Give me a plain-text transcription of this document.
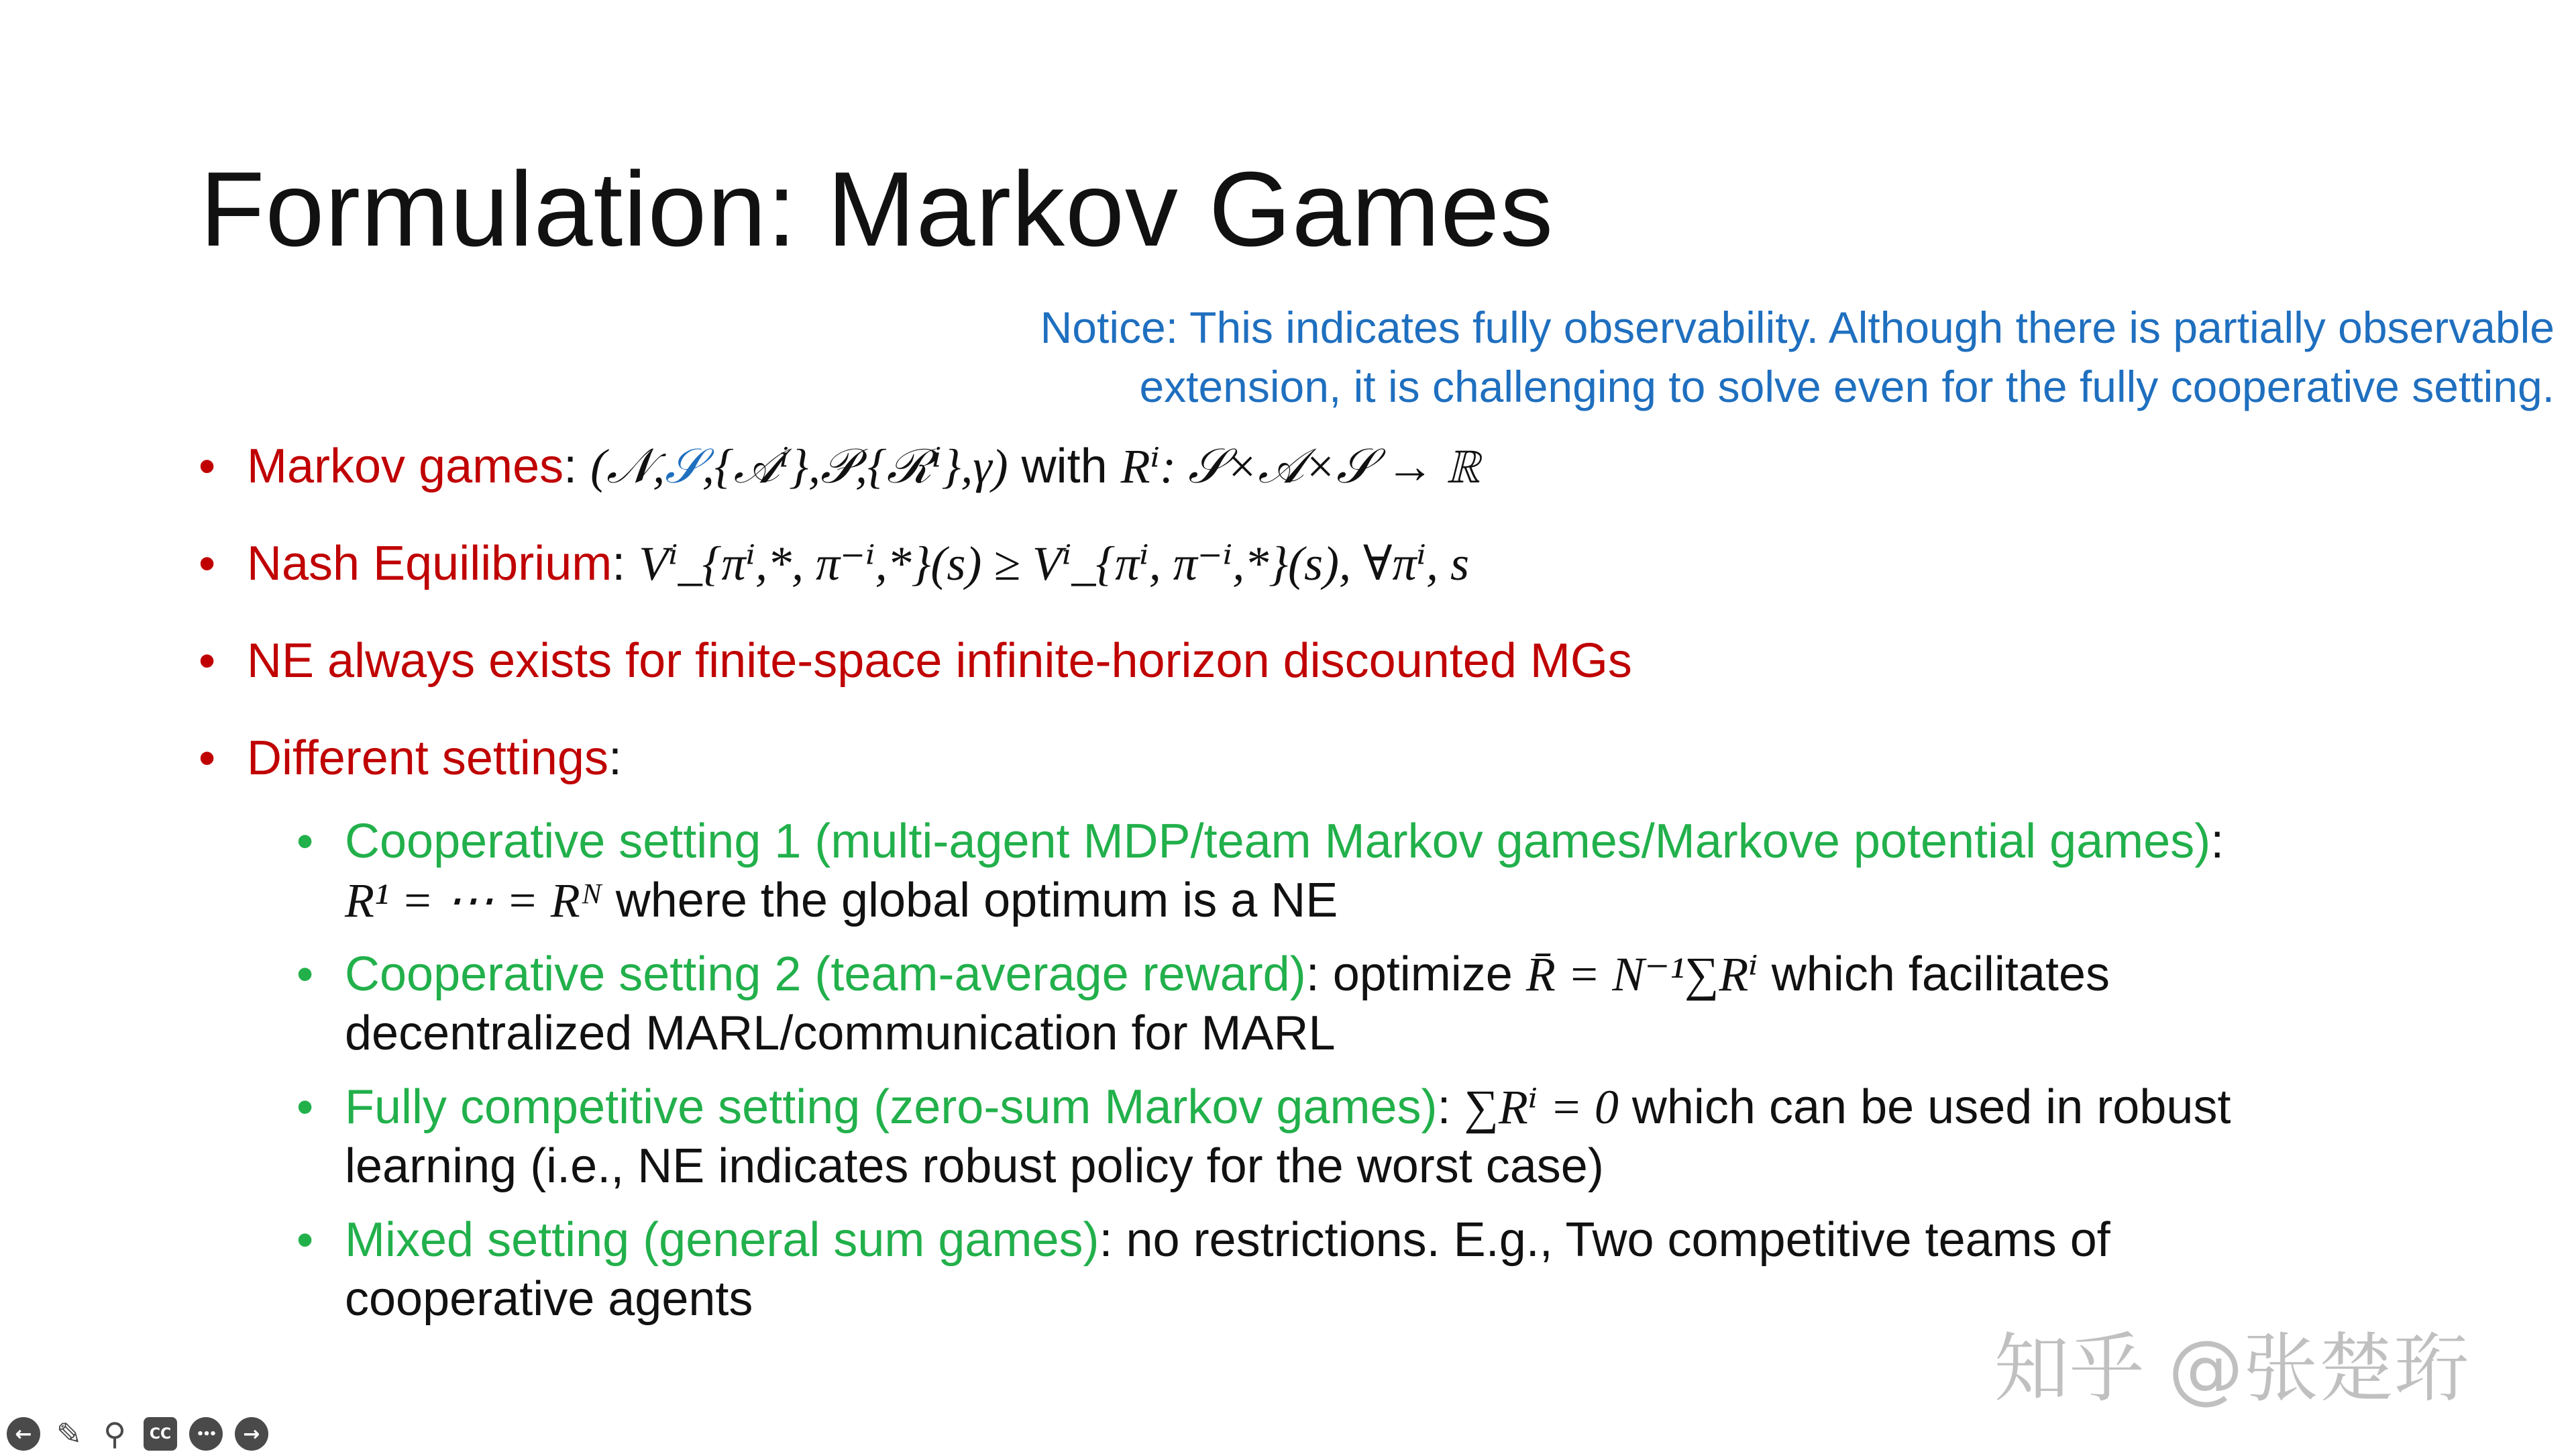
Formulation: Markov Games
Notice: This indicates fully observability. Although there is partially observable
extension, it is challenging to solve even for the fully cooperative setting.
• Markov games: (𝒩,𝒮,{𝒜ⁱ},𝒫,{ℛⁱ},γ) with Rⁱ: 𝒮×𝒜×𝒮 → ℝ
• Nash Equilibrium: Vⁱ_{πⁱ,*, π⁻ⁱ,*}(s) ≥ Vⁱ_{πⁱ, π⁻ⁱ,*}(s), ∀πⁱ, s
• NE always exists for finite-space infinite-horizon discounted MGs
• Different settings:
• Cooperative setting 1 (multi-agent MDP/team Markov games/Markove potential games):
R¹ = ⋯ = Rᴺ where the global optimum is a NE
• Cooperative setting 2 (team-average reward): optimize R̄ = N⁻¹∑Rⁱ which facilitates
decentralized MARL/communication for MARL
• Fully competitive setting (zero-sum Markov games): ∑Rⁱ = 0 which can be used in robust
learning (i.e., NE indicates robust policy for the worst case)
• Mixed setting (general sum games): no restrictions. E.g., Two competitive teams of
cooperative agents
知乎 @张楚珩
← ✎ ⚲ CC ••• →
